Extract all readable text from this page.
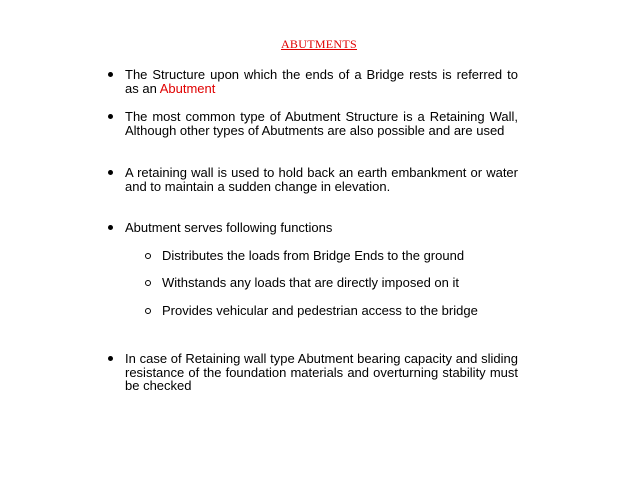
ABUTMENTS
The Structure upon which the ends of a Bridge rests is referred to as an Abutment
The most common type of Abutment Structure is a Retaining Wall, Although other types of Abutments are also possible and are used
A retaining wall is used to hold back an earth embankment or water and to maintain a sudden change in elevation.
Abutment serves following functions
Distributes the loads from Bridge Ends to the ground
Withstands any loads that are directly imposed on it
Provides vehicular and pedestrian access to the bridge
In case of Retaining wall type Abutment bearing capacity and sliding resistance of the foundation materials and overturning stability must be checked
